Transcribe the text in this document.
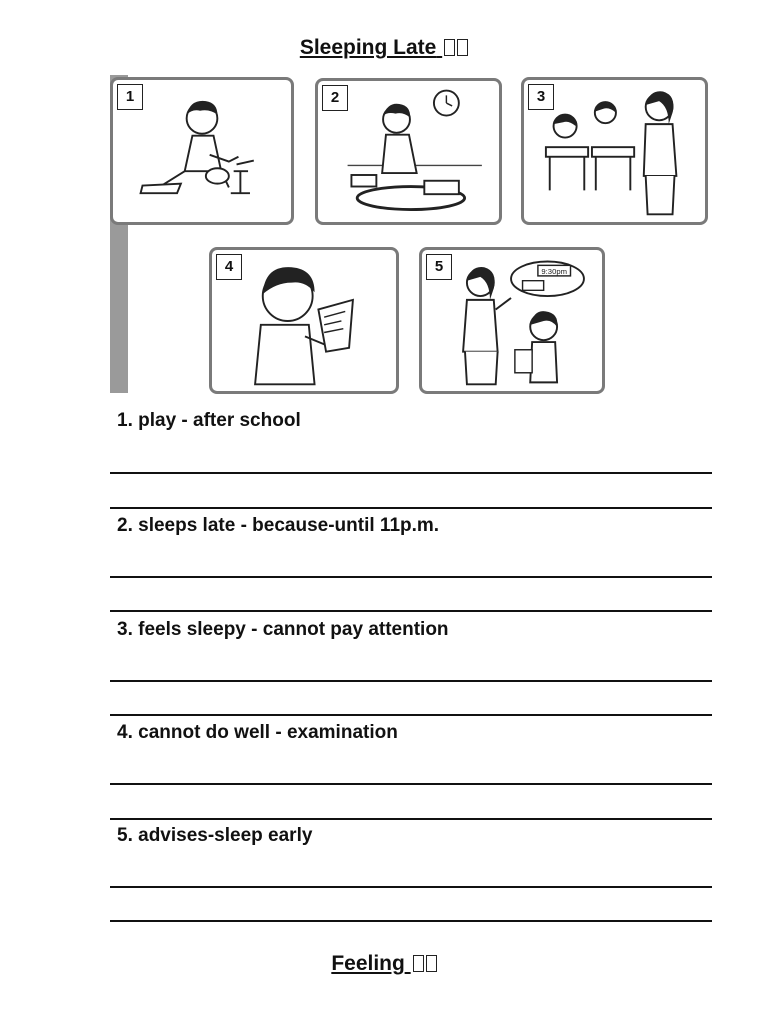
Sleeping Late
1	2	3
4	9:30pm
5
1. play - after school
2. sleeps late - because-until 11p.m.
3. feels sleepy - cannot pay attention
4. cannot do well - examination
5. advises-sleep early
Feeling
